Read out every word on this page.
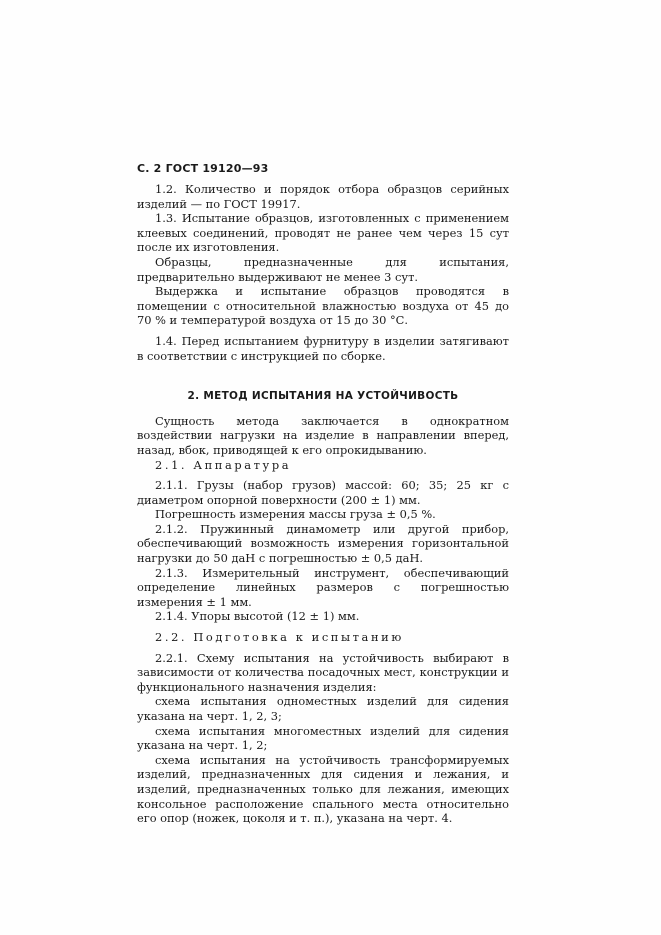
С. 2 ГОСТ 19120—93

1.2. Количество и порядок отбора образцов серийных изделий — по ГОСТ 19917.

1.3. Испытание образцов, изготовленных с применением клеевых соединений, проводят не ранее чем через 15 сут после их изготовления.

Образцы, предназначенные для испытания, предварительно выдерживают не менее 3 сут.

Выдержка и испытание образцов проводятся в помещении с относительной влажностью воздуха от 45 до 70 % и температурой воздуха от 15 до 30 °С.

1.4. Перед испытанием фурнитуру в изделии затягивают в соответствии с инструкцией по сборке.

2. МЕТОД ИСПЫТАНИЯ НА УСТОЙЧИВОСТЬ

Сущность метода заключается в однократном воздействии нагрузки на изделие в направлении вперед, назад, вбок, приводящей к его опрокидыванию.

2.1. Аппаратура

2.1.1. Грузы (набор грузов) массой: 60; 35; 25 кг с диаметром опорной поверхности (200 ± 1) мм.

Погрешность измерения массы груза ± 0,5 %.

2.1.2. Пружинный динамометр или другой прибор, обеспечивающий возможность измерения горизонтальной нагрузки до 50 даН с погрешностью ± 0,5 даН.

2.1.3. Измерительный инструмент, обеспечивающий определение линейных размеров с погрешностью измерения ± 1 мм.

2.1.4. Упоры высотой (12 ± 1) мм.

2.2. Подготовка к испытанию

2.2.1. Схему испытания на устойчивость выбирают в зависимости от количества посадочных мест, конструкции и функционального назначения изделия:

схема испытания одноместных изделий для сидения указана на черт. 1, 2, 3;

схема испытания многоместных изделий для сидения указана на черт. 1, 2;

схема испытания на устойчивость трансформируемых изделий, предназначенных для сидения и лежания, и изделий, предназначенных только для лежания, имеющих консольное расположение спального места относительно его опор (ножек, цоколя и т. п.), указана на черт. 4.
